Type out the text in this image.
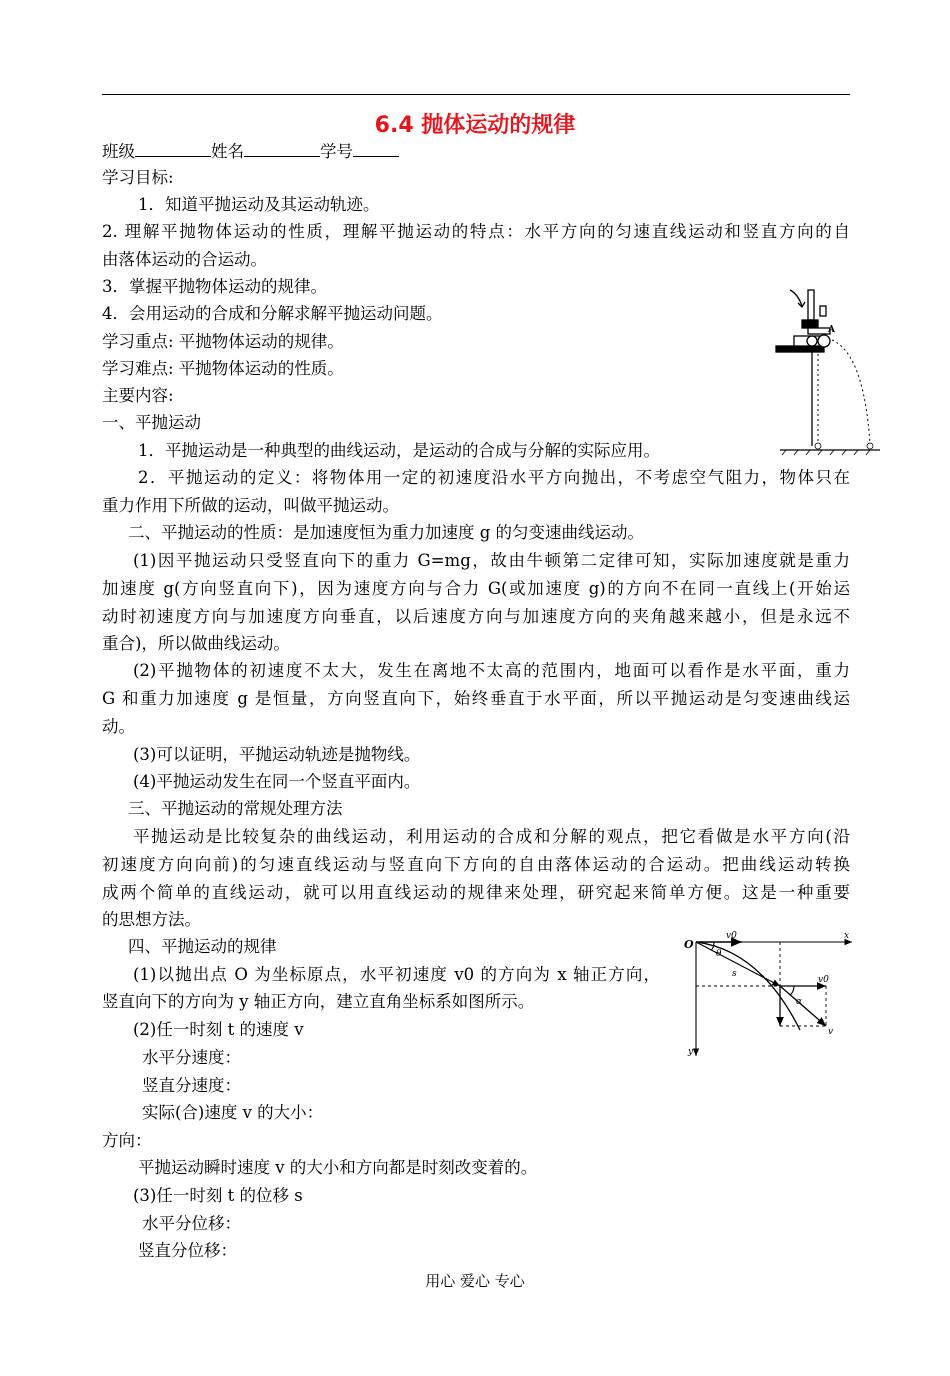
6.4 抛体运动的规律
班级	姓名	学号
学习目标:
1．知道平抛运动及其运动轨迹。
2. 理解平抛物体运动的性质，理解平抛运动的特点：水平方向的匀速直线运动和竖直方向的自
由落体运动的合运动。
3．掌握平抛物体运动的规律。
4．会用运动的合成和分解求解平抛运动问题。
学习重点: 平抛物体运动的规律。
学习难点: 平抛物体运动的性质。
主要内容:
一、平抛运动
1．平抛运动是一种典型的曲线运动，是运动的合成与分解的实际应用。
2．平抛运动的定义：将物体用一定的初速度沿水平方向抛出，不考虑空气阻力，物体只在
重力作用下所做的运动，叫做平抛运动。
二、平抛运动的性质：是加速度恒为重力加速度 g 的匀变速曲线运动。
(1)因平抛运动只受竖直向下的重力 G=mg，故由牛顿第二定律可知，实际加速度就是重力
加速度 g(方向竖直向下)，因为速度方向与合力 G(或加速度 g)的方向不在同一直线上(开始运
动时初速度方向与加速度方向垂直，以后速度方向与加速度方向的夹角越来越小，但是永远不
重合)，所以做曲线运动。
(2)平抛物体的初速度不太大，发生在离地不太高的范围内，地面可以看作是水平面，重力
G 和重力加速度 g 是恒量，方向竖直向下，始终垂直于水平面，所以平抛运动是匀变速曲线运
动。
(3)可以证明，平抛运动轨迹是抛物线。
(4)平抛运动发生在同一个竖直平面内。
三、平抛运动的常规处理方法
平抛运动是比较复杂的曲线运动，利用运动的合成和分解的观点，把它看做是水平方向(沿
初速度方向向前)的匀速直线运动与竖直向下方向的自由落体运动的合运动。把曲线运动转换
成两个简单的直线运动，就可以用直线运动的规律来处理，研究起来简单方便。这是一种重要
的思想方法。
四、平抛运动的规律
(1)以抛出点 O 为坐标原点，水平初速度 v0 的方向为 x 轴正方向，
竖直向下的方向为 y 轴正方向，建立直角坐标系如图所示。
(2)任一时刻 t 的速度 v
水平分速度：
竖直分速度：
实际(合)速度 v 的大小：
方向：
平抛运动瞬时速度 v 的大小和方向都是时刻改变着的。
(3)任一时刻 t 的位移 s
水平分位移：
竖直分位移：
A
O
x
y
v0
v0
θ
α
s
v
用心 爱心 专心
